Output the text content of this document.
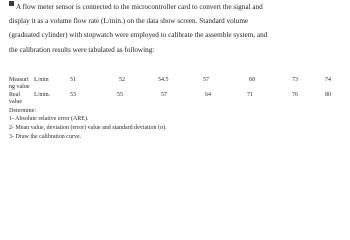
A flow meter sensor is connected to the microcontroller card to convert the signal and
display it as a volume flow rate (L/min.) on the data show screen. Standard volume
(graduated cylinder) with stopwatch were employed to calibrate the assemble system, and
the calibration results were tabulated as following:
Measuri
ng value
L/min	51	52	54.5	57	68	73	74
Real
value
L/min.	53	55	57	64	71	76	80
Determine:
1- Absolute relative error (ARE).
2- Mean value, deviation (error) value and standard deviation (σ).
3- Draw the calibration curve.
